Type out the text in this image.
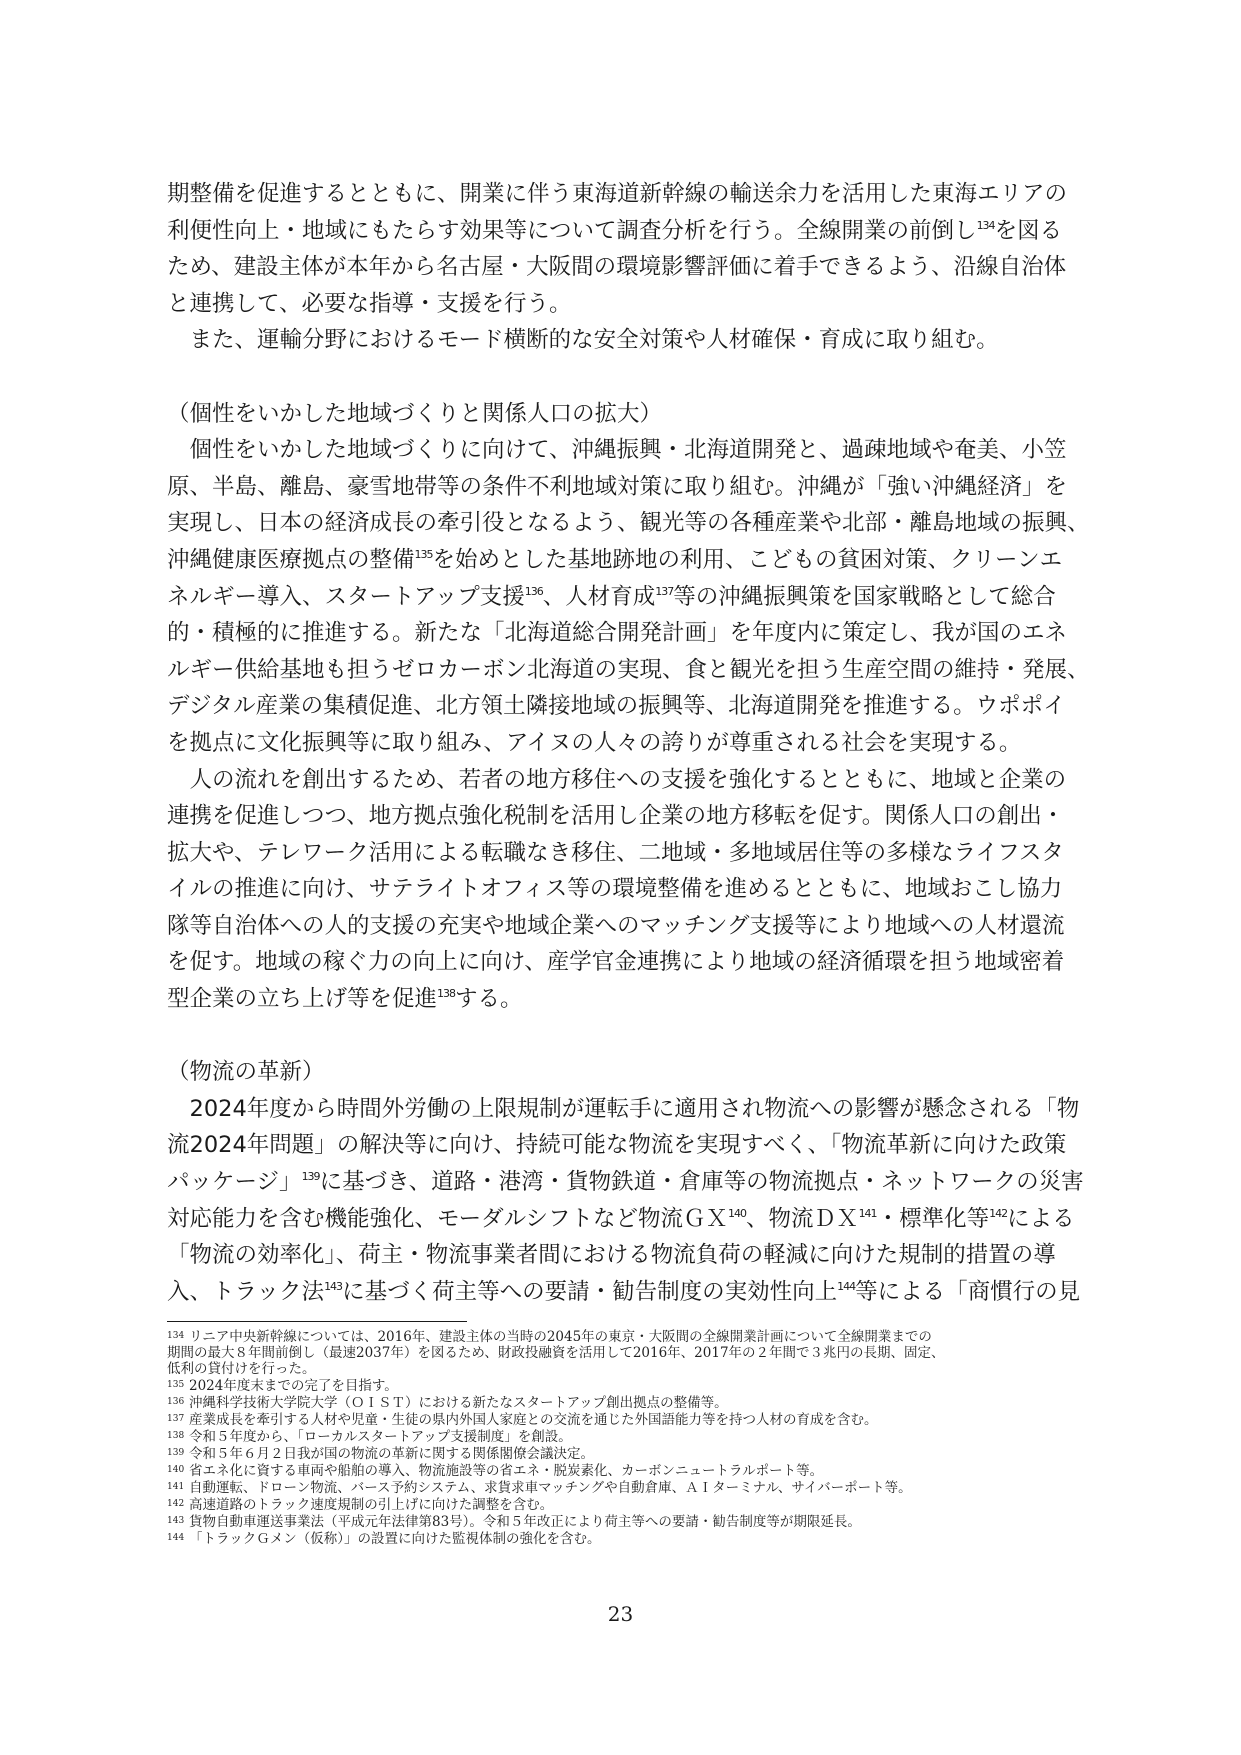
期整備を促進するとともに、開業に伴う東海道新幹線の輸送余力を活用した東海エリアの
利便性向上・地域にもたらす効果等について調査分析を行う。全線開業の前倒し$^{134}$を図る
ため、建設主体が本年から名古屋・大阪間の環境影響評価に着手できるよう、沿線自治体
と連携して、必要な指導・支援を行う。
　また、運輸分野におけるモード横断的な安全対策や人材確保・育成に取り組む。
（個性をいかした地域づくりと関係人口の拡大）
　個性をいかした地域づくりに向けて、沖縄振興・北海道開発と、過疎地域や奄美、小笠
原、半島、離島、豪雪地帯等の条件不利地域対策に取り組む。沖縄が「強い沖縄経済」を
実現し、日本の経済成長の牽引役となるよう、観光等の各種産業や北部・離島地域の振興、
沖縄健康医療拠点の整備$^{135}$を始めとした基地跡地の利用、こどもの貧困対策、クリーンエ
ネルギー導入、スタートアップ支援$^{136}$、人材育成$^{137}$等の沖縄振興策を国家戦略として総合
的・積極的に推進する。新たな「北海道総合開発計画」を年度内に策定し、我が国のエネ
ルギー供給基地も担うゼロカーボン北海道の実現、食と観光を担う生産空間の維持・発展、
デジタル産業の集積促進、北方領土隣接地域の振興等、北海道開発を推進する。ウポポイ
を拠点に文化振興等に取り組み、アイヌの人々の誇りが尊重される社会を実現する。
　人の流れを創出するため、若者の地方移住への支援を強化するとともに、地域と企業の
連携を促進しつつ、地方拠点強化税制を活用し企業の地方移転を促す。関係人口の創出・
拡大や、テレワーク活用による転職なき移住、二地域・多地域居住等の多様なライフスタ
イルの推進に向け、サテライトオフィス等の環境整備を進めるとともに、地域おこし協力
隊等自治体への人的支援の充実や地域企業へのマッチング支援等により地域への人材還流
を促す。地域の稼ぐ力の向上に向け、産学官金連携により地域の経済循環を担う地域密着
型企業の立ち上げ等を促進$^{138}$する。
（物流の革新）
　2024年度から時間外労働の上限規制が運転手に適用され物流への影響が懸念される「物
流2024年問題」の解決等に向け、持続可能な物流を実現すべく、「物流革新に向けた政策
パッケージ」$^{139}$に基づき、道路・港湾・貨物鉄道・倉庫等の物流拠点・ネットワークの災害
対応能力を含む機能強化、モーダルシフトなど物流ＧＸ$^{140}$、物流ＤＸ$^{141}$・標準化等$^{142}$による
「物流の効率化」、荷主・物流事業者間における物流負荷の軽減に向けた規制的措置の導
入、トラック法$^{143}$に基づく荷主等への要請・勧告制度の実効性向上$^{144}$等による「商慣行の見
134 リニア中央新幹線については、2016年、建設主体の当時の2045年の東京・大阪間の全線開業計画について全線開業までの
期間の最大８年間前倒し（最速2037年）を図るため、財政投融資を活用して2016年、2017年の２年間で３兆円の長期、固定、
低利の貸付けを行った。
135 2024年度末までの完了を目指す。
136 沖縄科学技術大学院大学（ＯＩＳＴ）における新たなスタートアップ創出拠点の整備等。
137 産業成長を牽引する人材や児童・生徒の県内外国人家庭との交流を通じた外国語能力等を持つ人材の育成を含む。
138 令和５年度から、「ローカルスタートアップ支援制度」を創設。
139 令和５年６月２日我が国の物流の革新に関する関係閣僚会議決定。
140 省エネ化に資する車両や船舶の導入、物流施設等の省エネ・脱炭素化、カーボンニュートラルポート等。
141 自動運転、ドローン物流、バース予約システム、求貨求車マッチングや自動倉庫、ＡＩターミナル、サイバーポート等。
142 高速道路のトラック速度規制の引上げに向けた調整を含む。
143 貨物自動車運送事業法（平成元年法律第83号）。令和５年改正により荷主等への要請・勧告制度等が期限延長。
144 「トラックＧメン（仮称）」の設置に向けた監視体制の強化を含む。
23
